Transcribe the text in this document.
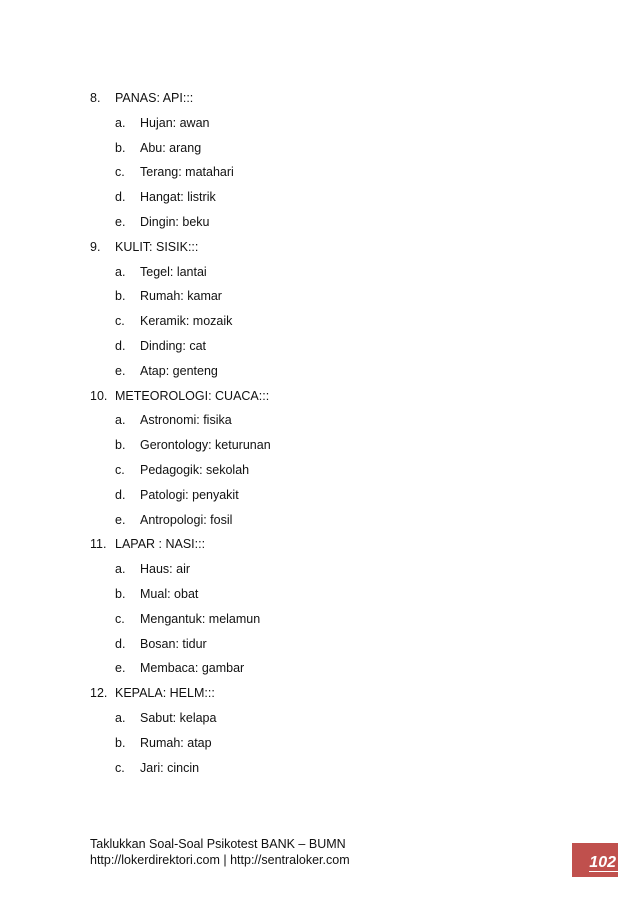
8.	PANAS: API:::
a.	Hujan: awan
b.	Abu: arang
c.	Terang: matahari
d.	Hangat: listrik
e.	Dingin: beku
9.	KULIT: SISIK:::
a.	Tegel: lantai
b.	Rumah: kamar
c.	Keramik: mozaik
d.	Dinding: cat
e.	Atap: genteng
10. METEOROLOGI: CUACA:::
a.	Astronomi: fisika
b.	Gerontology: keturunan
c.	Pedagogik: sekolah
d.	Patologi: penyakit
e.	Antropologi: fosil
11. LAPAR : NASI:::
a.	Haus: air
b.	Mual: obat
c.	Mengantuk: melamun
d.	Bosan: tidur
e.	Membaca: gambar
12. KEPALA: HELM:::
a.	Sabut: kelapa
b.	Rumah: atap
c.	Jari: cincin
Taklukkan Soal-Soal Psikotest BANK – BUMN
http://lokerdirektori.com | http://sentraloker.com	102
